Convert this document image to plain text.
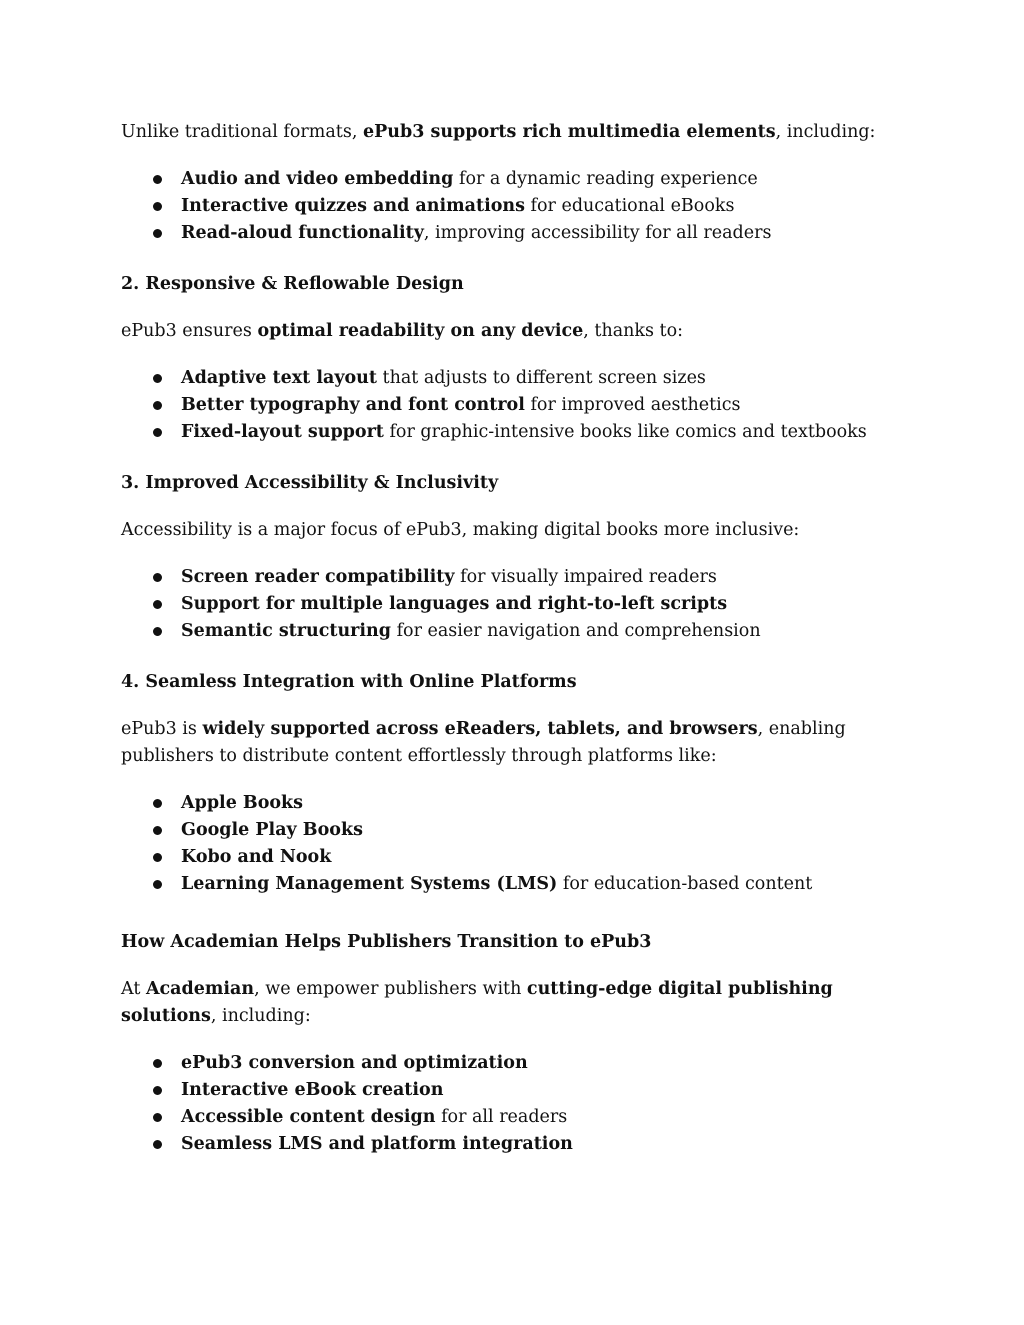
Unlike traditional formats, ePub3 supports rich multimedia elements, including:

Audio and video embedding for a dynamic reading experience
Interactive quizzes and animations for educational eBooks
Read-aloud functionality, improving accessibility for all readers

2. Responsive & Reflowable Design

ePub3 ensures optimal readability on any device, thanks to:

Adaptive text layout that adjusts to different screen sizes
Better typography and font control for improved aesthetics
Fixed-layout support for graphic-intensive books like comics and textbooks

3. Improved Accessibility & Inclusivity

Accessibility is a major focus of ePub3, making digital books more inclusive:

Screen reader compatibility for visually impaired readers
Support for multiple languages and right-to-left scripts
Semantic structuring for easier navigation and comprehension

4. Seamless Integration with Online Platforms

ePub3 is widely supported across eReaders, tablets, and browsers, enabling publishers to distribute content effortlessly through platforms like:

Apple Books
Google Play Books
Kobo and Nook
Learning Management Systems (LMS) for education-based content

How Academian Helps Publishers Transition to ePub3

At Academian, we empower publishers with cutting-edge digital publishing solutions, including:

ePub3 conversion and optimization
Interactive eBook creation
Accessible content design for all readers
Seamless LMS and platform integration
